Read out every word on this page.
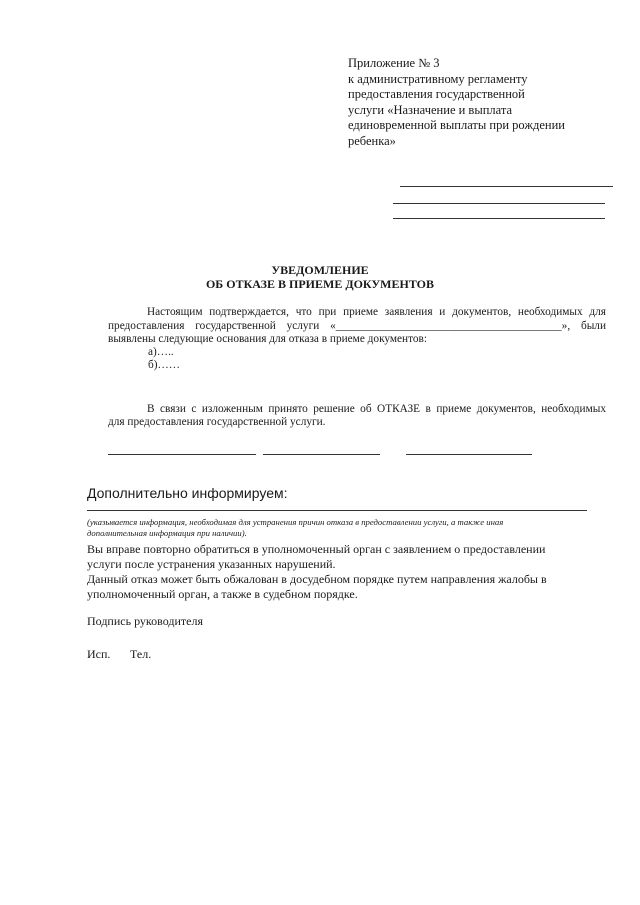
Приложение № 3
к административному регламенту
предоставления государственной
услуги «Назначение и выплата
единовременной выплаты при рождении
ребенка»
УВЕДОМЛЕНИЕ
ОБ ОТКАЗЕ В ПРИЕМЕ ДОКУМЕНТОВ
Настоящим подтверждается, что при приеме заявления и документов, необходимых для
предоставления государственной услуги «________________________________________», были
выявлены следующие основания для отказа в приеме документов:
а)…..
б)……
В связи с изложенным принято решение об ОТКАЗЕ в приеме документов, необходимых
для предоставления государственной услуги.
Дополнительно информируем:
(указывается информация, необходимая для устранения причин отказа в предоставлении услуги, а также иная
дополнительная информация при наличии).
Вы вправе повторно обратиться в уполномоченный орган с заявлением о предоставлении
услуги после устранения указанных нарушений.
Данный отказ может быть обжалован в досудебном порядке путем направления жалобы в
уполномоченный орган, а также в судебном порядке.
Подпись руководителя
Исп. Тел.
